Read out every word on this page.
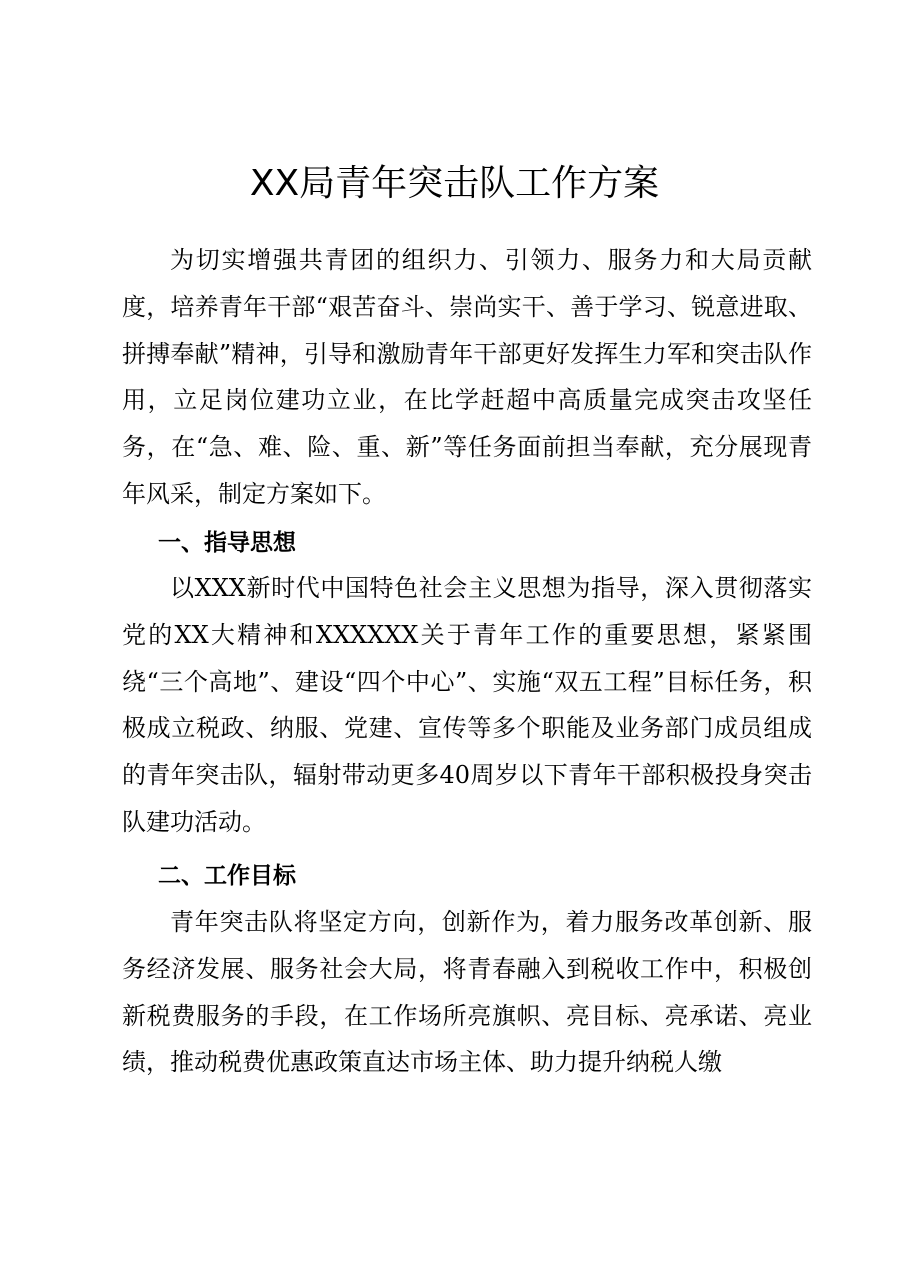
XX局青年突击队工作方案

为切实增强共青团的组织力、引领力、服务力和大局贡献度，培养青年干部“艰苦奋斗、崇尚实干、善于学习、锐意进取、拼搏奉献”精神，引导和激励青年干部更好发挥生力军和突击队作用，立足岗位建功立业，在比学赶超中高质量完成突击攻坚任务，在“急、难、险、重、新”等任务面前担当奉献，充分展现青年风采，制定方案如下。

一、指导思想

以XXX新时代中国特色社会主义思想为指导，深入贯彻落实党的XX大精神和XXXXXX关于青年工作的重要思想，紧紧围绕“三个高地”、建设“四个中心”、实施“双五工程”目标任务，积极成立税政、纳服、党建、宣传等多个职能及业务部门成员组成的青年突击队，辐射带动更多40周岁以下青年干部积极投身突击队建功活动。

二、工作目标

青年突击队将坚定方向，创新作为，着力服务改革创新、服务经济发展、服务社会大局，将青春融入到税收工作中，积极创新税费服务的手段，在工作场所亮旗帜、亮目标、亮承诺、亮业绩，推动税费优惠政策直达市场主体、助力提升纳税人缴
